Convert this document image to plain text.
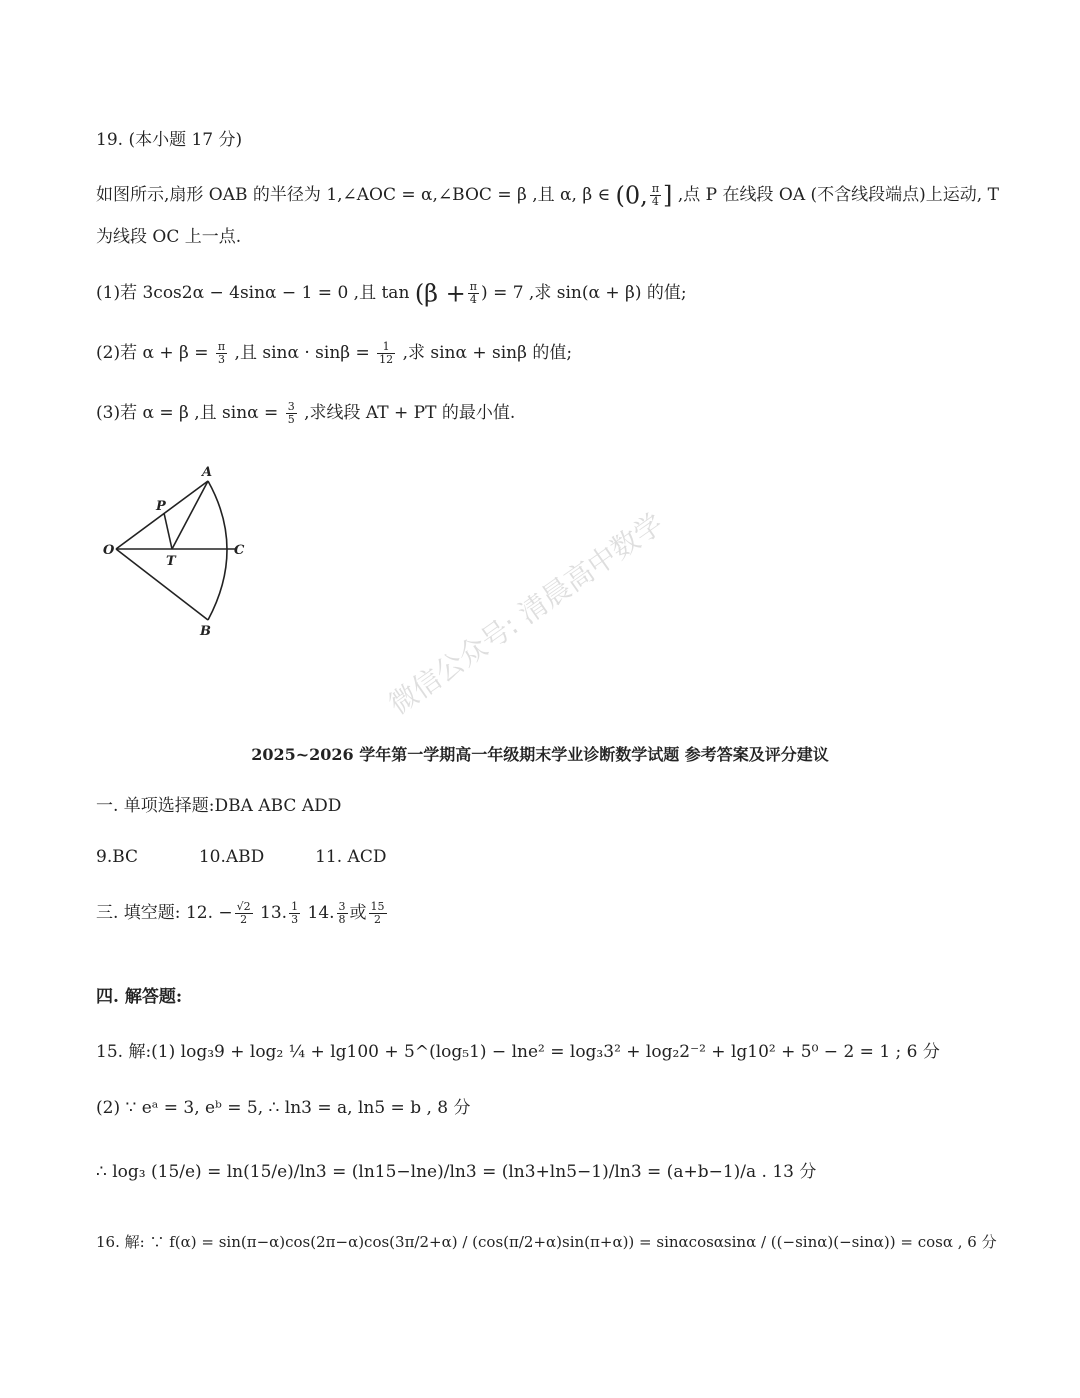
19. (本小题 17 分)
如图所示,扇形 OAB 的半径为 1,∠AOC = α,∠BOC = β ,且 α, β ∈ (0, $\frac{\pi}{4}$ ] ,点 P 在线段 OA (不含线段端点)上运动, T
为线段 OC 上一点.
(1)若 3cos2α − 4sinα − 1 = 0 ,且 $\tan (\beta + \frac{\pi}{4}$ ) = 7 ,求 sin(α + β) 的值;
(2)若 $\alpha + \beta = \frac{\pi}{3}$ ,且 $\sin\alpha \cdot \sin\beta = \frac{1}{12}$ ,求 sinα + sinβ 的值;
(3)若 α = β ,且 $\sin\alpha = \frac{3}{5}$ ,求线段 AT + PT 的最小值.
A
P
O
T
C
B	微信公众号: 清晨高中数学
2025~2026 学年第一学期高一年级期末学业诊断数学试题 参考答案及评分建议
一. 单项选择题:DBA ABC ADD
9.BC	10.ABD	11. ACD
三. 填空题: 12. − $\frac{√2}{2} 13$. $\frac{1}{3} 14$. $\frac{3}{8}$ 或 $\frac{15}{2}$
四. 解答题:
15. 解:(1) log₃9 + log₂ ¼ + lg100 + 5^(log₅1) − lne² = log₃3² + log₂2⁻² + lg10² + 5⁰ − 2 = 1 ; 6 分
(2) ∵ eᵃ = 3, eᵇ = 5, ∴ ln3 = a, ln5 = b , 8 分
∴ log₃ (15/e) = ln(15/e)/ln3 = (ln15−lne)/ln3 = (ln3+ln5−1)/ln3 = (a+b−1)/a . 13 分
16. 解: ∵ f(α) = sin(π−α)cos(2π−α)cos(3π/2+α) / (cos(π/2+α)sin(π+α)) = sinαcosαsinα / ((−sinα)(−sinα)) = cosα , 6 分
